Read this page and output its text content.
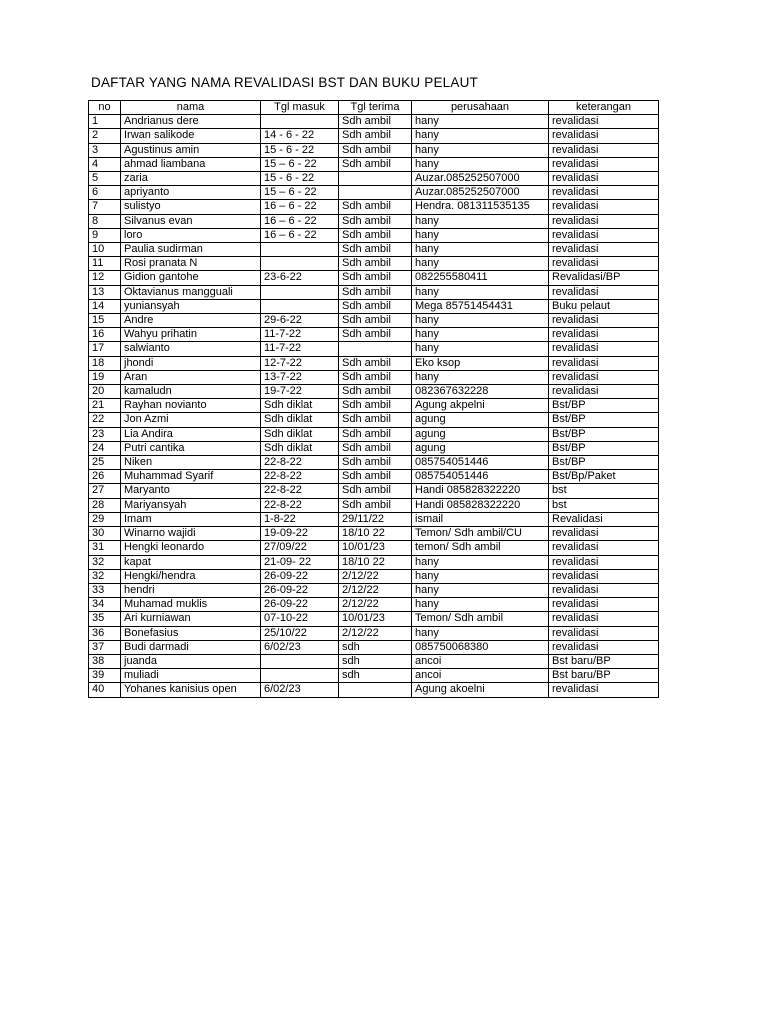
DAFTAR YANG NAMA REVALIDASI BST DAN BUKU PELAUT
no	nama	Tgl masuk	Tgl terima	perusahaan	keterangan
1	Andrianus dere		Sdh ambil	hany	revalidasi
2	Irwan salikode	14 - 6 - 22	Sdh ambil	hany	revalidasi
3	Agustinus amin	15 - 6 - 22	Sdh ambil	hany	revalidasi
4	ahmad liambana	15 – 6 - 22	Sdh ambil	hany	revalidasi
5	zaria	15 - 6 - 22		Auzar.085252507000	revalidasi
6	apriyanto	15 – 6 - 22		Auzar.085252507000	revalidasi
7	sulistyo	16 – 6 - 22	Sdh ambil	Hendra. 081311535135	revalidasi
8	Silvanus evan	16 – 6 - 22	Sdh ambil	hany	revalidasi
9	loro	16 – 6 - 22	Sdh ambil	hany	revalidasi
10	Paulia sudirman		Sdh ambil	hany	revalidasi
11	Rosi pranata N		Sdh ambil	hany	revalidasi
12	Gidion gantohe	23-6-22	Sdh ambil	082255580411	Revalidasi/BP
13	Oktavianus mangguali		Sdh ambil	hany	revalidasi
14	yuniansyah		Sdh ambil	Mega 85751454431	Buku pelaut
15	Andre	29-6-22	Sdh ambil	hany	revalidasi
16	Wahyu prihatin	11-7-22	Sdh ambil	hany	revalidasi
17	salwianto	11-7-22		hany	revalidasi
18	jhondi	12-7-22	Sdh ambil	Eko ksop	revalidasi
19	Aran	13-7-22	Sdh ambil	hany	revalidasi
20	kamaludn	19-7-22	Sdh ambil	082367632228	revalidasi
21	Rayhan novianto	Sdh diklat	Sdh ambil	Agung akpelni	Bst/BP
22	Jon Azmi	Sdh diklat	Sdh ambil	agung	Bst/BP
23	Lia Andira	Sdh diklat	Sdh ambil	agung	Bst/BP
24	Putri cantika	Sdh diklat	Sdh ambil	agung	Bst/BP
25	Niken	22-8-22	Sdh ambil	085754051446	Bst/BP
26	Muhammad Syarif	22-8-22	Sdh ambil	085754051446	Bst/Bp/Paket
27	Maryanto	22-8-22	Sdh ambil	Handi 085828322220	bst
28	Mariyansyah	22-8-22	Sdh ambil	Handi 085828322220	bst
29	Imam	1-8-22	29/11/22	ismail	Revalidasi
30	Winarno wajidi	19-09-22	18/10 22	Temon/ Sdh ambil/CU	revalidasi
31	Hengki leonardo	27/09/22	10/01/23	temon/ Sdh ambil	revalidasi
32	kapat	21-09- 22	18/10 22	hany	revalidasi
32	Hengki/hendra	26-09-22	2/12/22	hany	revalidasi
33	hendri	26-09-22	2/12/22	hany	revalidasi
34	Muhamad muklis	26-09-22	2/12/22	hany	revalidasi
35	Ari kurniawan	07-10-22	10/01/23	Temon/ Sdh ambil	revalidasi
36	Bonefasius	25/10/22	2/12/22	hany	revalidasi
37	Budi darmadi	6/02/23	sdh	085750068380	revalidasi
38	juanda		sdh	ancoi	Bst baru/BP
39	muliadi		sdh	ancoi	Bst baru/BP
40	Yohanes kanisius open	6/02/23		Agung akoelni	revalidasi
